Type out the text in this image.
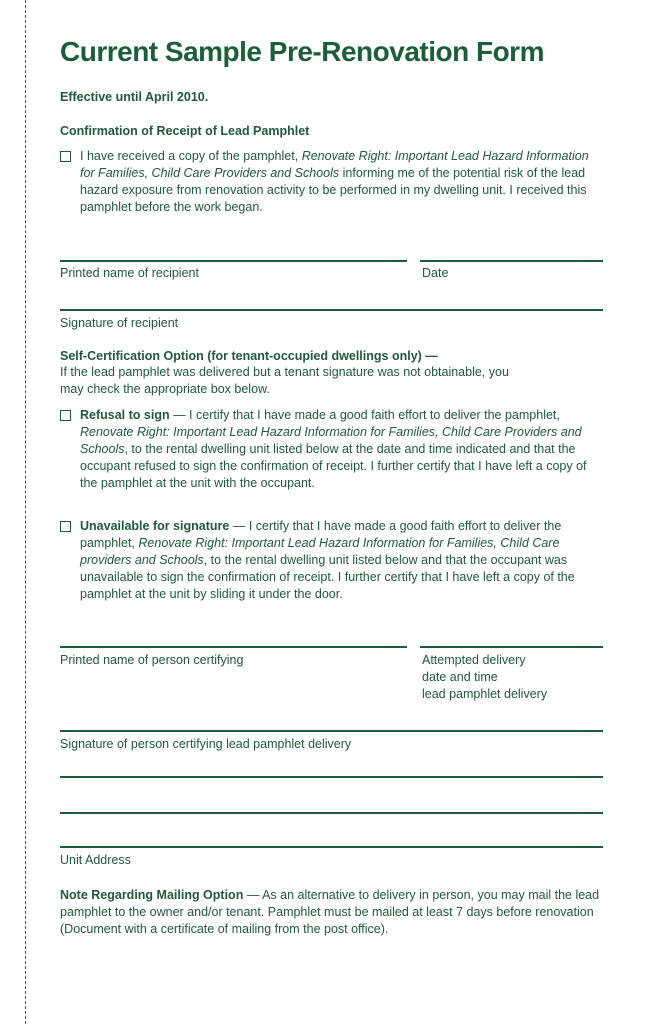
Current Sample Pre-Renovation Form
Effective until April 2010.
Confirmation of Receipt of Lead Pamphlet
I have received a copy of the pamphlet, Renovate Right: Important Lead Hazard Information for Families, Child Care Providers and Schools informing me of the potential risk of the lead hazard exposure from renovation activity to be performed in my dwelling unit. I received this pamphlet before the work began.
Printed name of recipient	Date
Signature of recipient
Self-Certification Option (for tenant-occupied dwellings only) —
If the lead pamphlet was delivered but a tenant signature was not obtainable, you may check the appropriate box below.
Refusal to sign — I certify that I have made a good faith effort to deliver the pamphlet, Renovate Right: Important Lead Hazard Information for Families, Child Care Providers and Schools, to the rental dwelling unit listed below at the date and time indicated and that the occupant refused to sign the confirmation of receipt. I further certify that I have left a copy of the pamphlet at the unit with the occupant.
Unavailable for signature — I certify that I have made a good faith effort to deliver the pamphlet, Renovate Right: Important Lead Hazard Information for Families, Child Care providers and Schools, to the rental dwelling unit listed below and that the occupant was unavailable to sign the confirmation of receipt. I further certify that I have left a copy of the pamphlet at the unit by sliding it under the door.
Printed name of person certifying	Attempted delivery
date and time
lead pamphlet delivery
Signature of person certifying lead pamphlet delivery
Unit Address
Note Regarding Mailing Option — As an alternative to delivery in person, you may mail the lead pamphlet to the owner and/or tenant. Pamphlet must be mailed at least 7 days before renovation (Document with a certificate of mailing from the post office).
